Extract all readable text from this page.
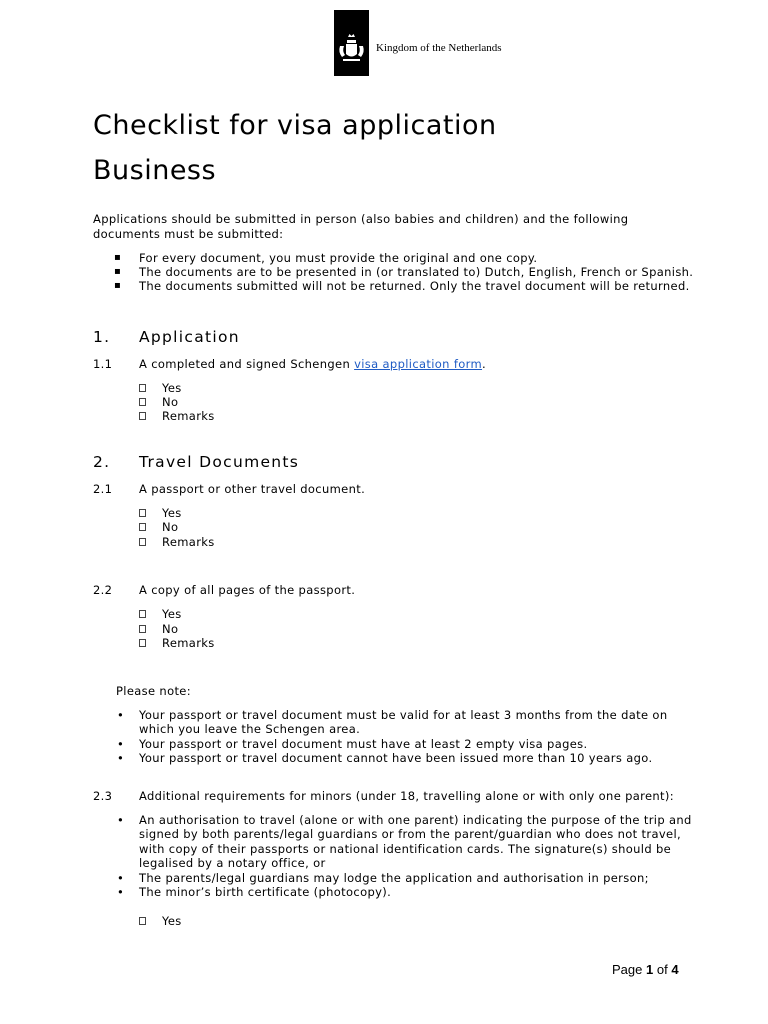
Kingdom of the Netherlands
Checklist for visa application
Business
Applications should be submitted in person (also babies and children) and the following documents must be submitted:
▪ For every document, you must provide the original and one copy.
▪ The documents are to be presented in (or translated to) Dutch, English, French or Spanish.
▪ The documents submitted will not be returned. Only the travel document will be returned.
1. Application
1.1 A completed and signed Schengen visa application form.
Yes
No
Remarks
2. Travel Documents
2.1 A passport or other travel document.
Yes
No
Remarks
2.2 A copy of all pages of the passport.
Yes
No
Remarks
Please note:
• Your passport or travel document must be valid for at least 3 months from the date on
which you leave the Schengen area.
• Your passport or travel document must have at least 2 empty visa pages.
• Your passport or travel document cannot have been issued more than 10 years ago.
2.3 Additional requirements for minors (under 18, travelling alone or with only one parent):
• An authorisation to travel (alone or with one parent) indicating the purpose of the trip and
signed by both parents/legal guardians or from the parent/guardian who does not travel,
with copy of their passports or national identification cards. The signature(s) should be
legalised by a notary office, or
• The parents/legal guardians may lodge the application and authorisation in person;
• The minor’s birth certificate (photocopy).
Yes
Page 1 of 4
